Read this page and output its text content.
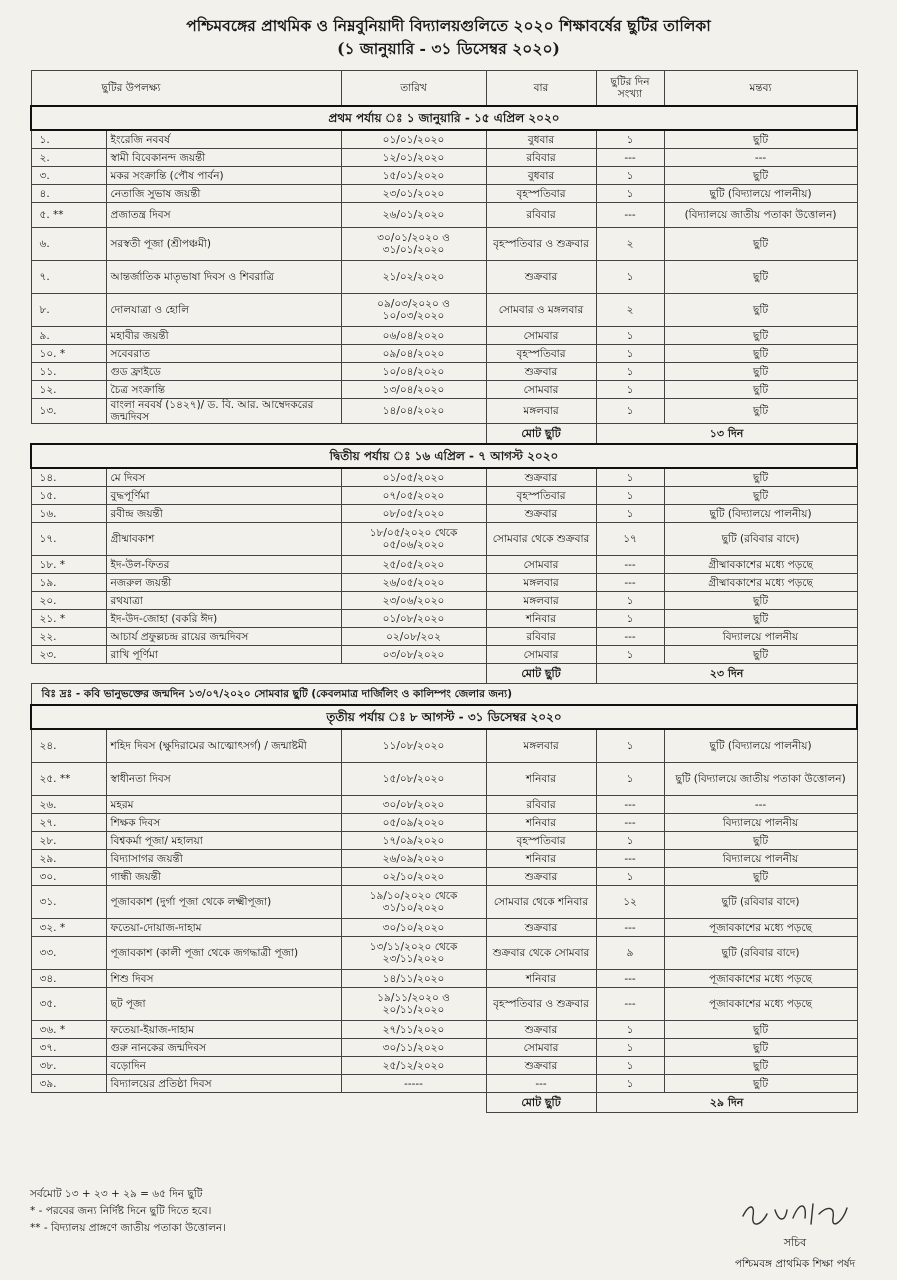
পশ্চিমবঙ্গের প্রাথমিক ও নিম্নবুনিয়াদী বিদ্যালয়গুলিতে ২০২০ শিক্ষাবর্ষের ছুটির তালিকা
(১ জানুয়ারি - ৩১ ডিসেম্বর ২০২০)
ছুটির উপলক্ষ্য		তারিখ	বার	ছুটির দিন সংখ্যা	মন্তব্য
প্রথম পর্যায় ঃ ১ জানুয়ারি - ১৫ এপ্রিল ২০২০					
১.	ইংরেজি নববর্ষ	০১/০১/২০২০	বুধবার	১	ছুটি
২.	স্বামী বিবেকানন্দ জয়ন্তী	১২/০১/২০২০	রবিবার	---	---
৩.	মকর সংক্রান্তি (পৌষ পার্বন)	১৫/০১/২০২০	বুধবার	১	ছুটি
৪.	নেতাজি সুভাষ জয়ন্তী	২৩/০১/২০২০	বৃহস্পতিবার	১	ছুটি (বিদ্যালয়ে পালনীয়)
৫. **	প্রজাতন্ত্র দিবস	২৬/০১/২০২০	রবিবার	---	(বিদ্যালয়ে জাতীয় পতাকা উত্তোলন)
৬.	সরস্বতী পূজা (শ্রীপঞ্চমী)	৩০/০১/২০২০ ও ৩১/০১/২০২০	বৃহস্পতিবার ও শুক্রবার	২	ছুটি
৭.	আন্তর্জাতিক মাতৃভাষা দিবস ও শিবরাত্রি	২১/০২/২০২০	শুক্রবার	১	ছুটি
৮.	দোলযাত্রা ও হোলি	০৯/০৩/২০২০ ও ১০/০৩/২০২০	সোমবার ও মঙ্গলবার	২	ছুটি
৯.	মহাবীর জয়ন্তী	০৬/০৪/২০২০	সোমবার	১	ছুটি
১০. *	সবেবরাত	০৯/০৪/২০২০	বৃহস্পতিবার	১	ছুটি
১১.	গুড ফ্রাইডে	১০/০৪/২০২০	শুক্রবার	১	ছুটি
১২.	চৈত্র সংক্রান্তি	১৩/০৪/২০২০	সোমবার	১	ছুটি
১৩.	বাংলা নববর্ষ (১৪২৭)/ ড. বি. আর. আম্বেদকরের জন্মদিবস	১৪/০৪/২০২০	মঙ্গলবার	১	ছুটি
			মোট ছুটি	১৩ দিন	
দ্বিতীয় পর্যায় ঃ ১৬ এপ্রিল - ৭ আগস্ট ২০২০					
১৪.	মে দিবস	০১/০৫/২০২০	শুক্রবার	১	ছুটি
১৫.	বুদ্ধপূর্ণিমা	০৭/০৫/২০২০	বৃহস্পতিবার	১	ছুটি
১৬.	রবীন্দ্র জয়ন্তী	০৮/০৫/২০২০	শুক্রবার	১	ছুটি (বিদ্যালয়ে পালনীয়)
১৭.	গ্রীষ্মাবকাশ	১৮/০৫/২০২০ থেকে ০৫/০৬/২০২০	সোমবার থেকে শুক্রবার	১৭	ছুটি (রবিবার বাদে)
১৮. *	ইদ-উল-ফিতর	২৫/০৫/২০২০	সোমবার	---	গ্রীষ্মাবকাশের মধ্যে পড়ছে
১৯.	নজরুল জয়ন্তী	২৬/০৫/২০২০	মঙ্গলবার	---	গ্রীষ্মাবকাশের মধ্যে পড়ছে
২০.	রথযাত্রা	২৩/০৬/২০২০	মঙ্গলবার	১	ছুটি
২১. *	ইদ-উদ-জোহা (বকরি ঈদ)	০১/০৮/২০২০	শনিবার	১	ছুটি
২২.	আচার্য প্রফুল্লচন্দ্র রায়ের জন্মদিবস	০২/০৮/২০২	রবিবার	---	বিদ্যালয়ে পালনীয়
২৩.	রাখি পূর্ণিমা	০৩/০৮/২০২০	সোমবার	১	ছুটি
			মোট ছুটি	২৩ দিন	
বিঃ দ্রঃ - কবি ভানুভক্তের জন্মদিন ১৩/০৭/২০২০ সোমবার ছুটি (কেবলমাত্র দার্জিলিং ও কালিম্পং জেলার জন্য)					
তৃতীয় পর্যায় ঃ ৮ আগস্ট - ৩১ ডিসেম্বর ২০২০					
২৪.	শহিদ দিবস (ক্ষুদিরামের আত্মোৎসর্গ) / জন্মাষ্টমী	১১/০৮/২০২০	মঙ্গলবার	১	ছুটি (বিদ্যালয়ে পালনীয়)
২৫. **	স্বাধীনতা দিবস	১৫/০৮/২০২০	শনিবার	১	ছুটি (বিদ্যালয়ে জাতীয় পতাকা উত্তোলন)
২৬.	মহরম	৩০/০৮/২০২০	রবিবার	---	---
২৭.	শিক্ষক দিবস	০৫/০৯/২০২০	শনিবার	---	বিদ্যালয়ে পালনীয়
২৮.	বিশ্বকর্মা পূজা/ মহালয়া	১৭/০৯/২০২০	বৃহস্পতিবার	১	ছুটি
২৯.	বিদ্যাসাগর জয়ন্তী	২৬/০৯/২০২০	শনিবার	---	বিদ্যালয়ে পালনীয়
৩০.	গান্ধী জয়ন্তী	০২/১০/২০২০	শুক্রবার	১	ছুটি
৩১.	পূজাবকাশ (দুর্গা পূজা থেকে লক্ষ্মীপূজা)	১৯/১০/২০২০ থেকে ৩১/১০/২০২০	সোমবার থেকে শনিবার	১২	ছুটি (রবিবার বাদে)
৩২. *	ফতেয়া-দোয়াজ-দাহাম	৩০/১০/২০২০	শুক্রবার	---	পূজাবকাশের মধ্যে পড়ছে
৩৩.	পূজাবকাশ (কালী পূজা থেকে জগদ্ধাত্রী পূজা)	১৩/১১/২০২০ থেকে ২৩/১১/২০২০	শুক্রবার থেকে সোমবার	৯	ছুটি (রবিবার বাদে)
৩৪.	শিশু দিবস	১৪/১১/২০২০	শনিবার	---	পূজাবকাশের মধ্যে পড়ছে
৩৫.	ছট পূজা	১৯/১১/২০২০ ও ২০/১১/২০২০	বৃহস্পতিবার ও শুক্রবার	---	পূজাবকাশের মধ্যে পড়ছে
৩৬. *	ফতেয়া-ইয়াজ-দাহাম	২৭/১১/২০২০	শুক্রবার	১	ছুটি
৩৭.	গুরু নানকের জন্মদিবস	৩০/১১/২০২০	সোমবার	১	ছুটি
৩৮.	বড়োদিন	২৫/১২/২০২০	শুক্রবার	১	ছুটি
৩৯.	বিদ্যালয়ের প্রতিষ্ঠা দিবস	-----	---	১	ছুটি
			মোট ছুটি	২৯ দিন	
সর্বমোট ১৩ + ২৩ + ২৯ = ৬৫ দিন ছুটি
* - পরবের জন্য নির্দিষ্ট দিনে ছুটি দিতে হবে।
** - বিদ্যালয় প্রাঙ্গণে জাতীয় পতাকা উত্তোলন।
সচিব
পশ্চিমবঙ্গ প্রাথমিক শিক্ষা পর্ষদ
